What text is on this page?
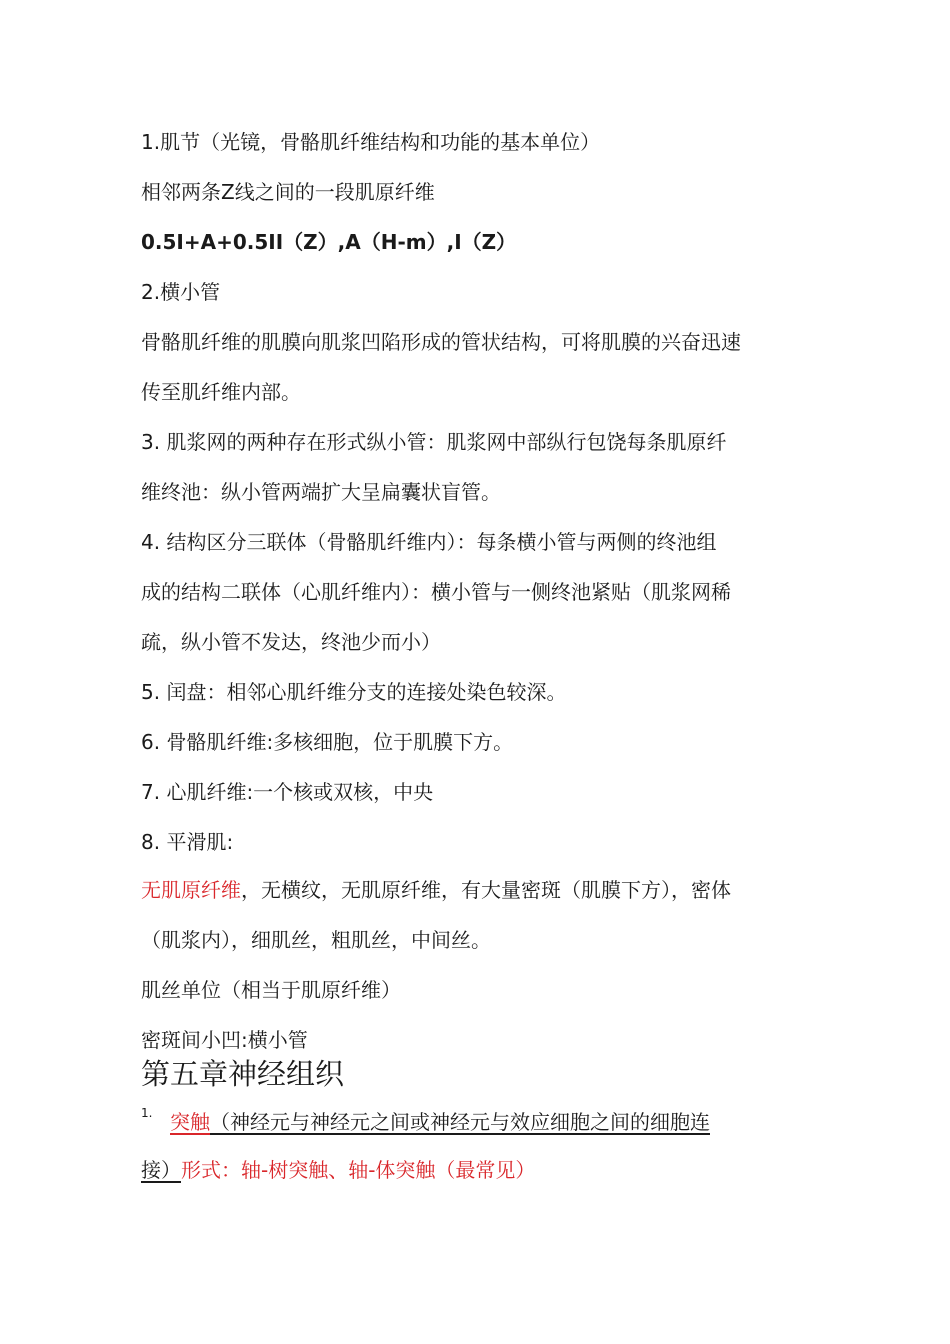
1.肌节（光镜，骨骼肌纤维结构和功能的基本单位）
相邻两条Z线之间的一段肌原纤维
0.5I+A+0.5II（Z）,A（H-m）,I（Z）
2.横小管
骨骼肌纤维的肌膜向肌浆凹陷形成的管状结构，可将肌膜的兴奋迅速
传至肌纤维内部。
3. 肌浆网的两种存在形式纵小管：肌浆网中部纵行包饶每条肌原纤
维终池：纵小管两端扩大呈扁囊状盲管。
4. 结构区分三联体（骨骼肌纤维内）：每条横小管与两侧的终池组
成的结构二联体（心肌纤维内）：横小管与一侧终池紧贴（肌浆网稀
疏，纵小管不发达，终池少而小）
5. 闰盘：相邻心肌纤维分支的连接处染色较深。
6. 骨骼肌纤维:多核细胞，位于肌膜下方。
7. 心肌纤维:一个核或双核，中央
8. 平滑肌:
无肌原纤维，无横纹，无肌原纤维，有大量密斑（肌膜下方），密体
（肌浆内），细肌丝，粗肌丝，中间丝。
肌丝单位（相当于肌原纤维）
密斑间小凹:横小管
第五章神经组织
1. 突触（神经元与神经元之间或神经元与效应细胞之间的细胞连
接）形式：轴-树突触、轴-体突触（最常见）
